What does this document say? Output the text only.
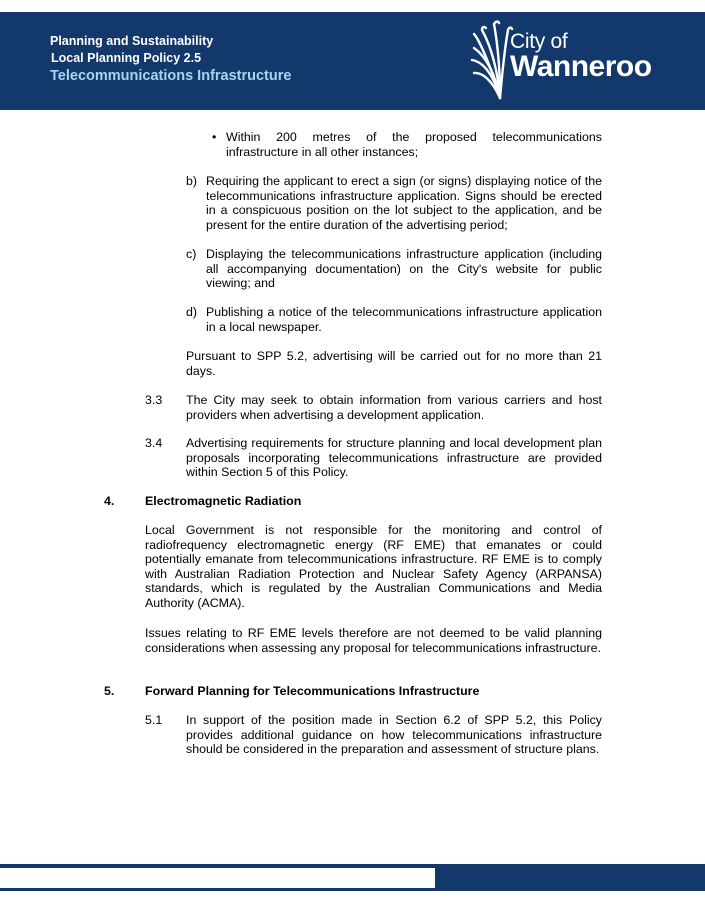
Planning and Sustainability
Local Planning Policy 2.5
Telecommunications Infrastructure
City of
Wanneroo
• Within 200 metres of the proposed telecommunications infrastructure in all other instances;
b) Requiring the applicant to erect a sign (or signs) displaying notice of the telecommunications infrastructure application. Signs should be erected in a conspicuous position on the lot subject to the application, and be present for the entire duration of the advertising period;
c) Displaying the telecommunications infrastructure application (including all accompanying documentation) on the City's website for public viewing; and
d) Publishing a notice of the telecommunications infrastructure application in a local newspaper.
Pursuant to SPP 5.2, advertising will be carried out for no more than 21 days.
3.3 The City may seek to obtain information from various carriers and host providers when advertising a development application.
3.4 Advertising requirements for structure planning and local development plan proposals incorporating telecommunications infrastructure are provided within Section 5 of this Policy.
4. Electromagnetic Radiation
Local Government is not responsible for the monitoring and control of radiofrequency electromagnetic energy (RF EME) that emanates or could potentially emanate from telecommunications infrastructure. RF EME is to comply with Australian Radiation Protection and Nuclear Safety Agency (ARPANSA) standards, which is regulated by the Australian Communications and Media Authority (ACMA).
Issues relating to RF EME levels therefore are not deemed to be valid planning considerations when assessing any proposal for telecommunications infrastructure.
5. Forward Planning for Telecommunications Infrastructure
5.1 In support of the position made in Section 6.2 of SPP 5.2, this Policy provides additional guidance on how telecommunications infrastructure should be considered in the preparation and assessment of structure plans.
